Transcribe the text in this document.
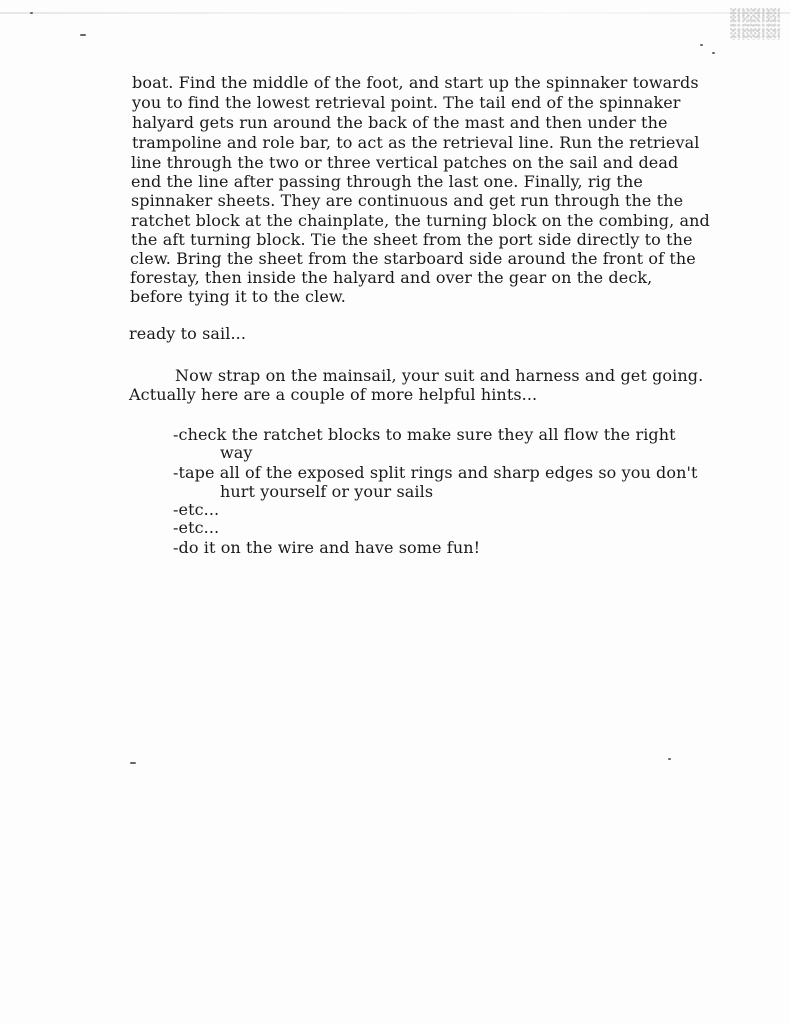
boat. Find the middle of the foot, and start up the spinnaker towards
you to find the lowest retrieval point. The tail end of the spinnaker
halyard gets run around the back of the mast and then under the
trampoline and role bar, to act as the retrieval line. Run the retrieval
line through the two or three vertical patches on the sail and dead
end the line after passing through the last one. Finally, rig the
spinnaker sheets. They are continuous and get run through the the
ratchet block at the chainplate, the turning block on the combing, and
the aft turning block. Tie the sheet from the port side directly to the
clew. Bring the sheet from the starboard side around the front of the
forestay, then inside the halyard and over the gear on the deck,
before tying it to the clew.
ready to sail...
Now strap on the mainsail, your suit and harness and get going.
Actually here are a couple of more helpful hints...
-check the ratchet blocks to make sure they all flow the right
way
-tape all of the exposed split rings and sharp edges so you don't
hurt yourself or your sails
-etc...
-etc...
-do it on the wire and have some fun!
